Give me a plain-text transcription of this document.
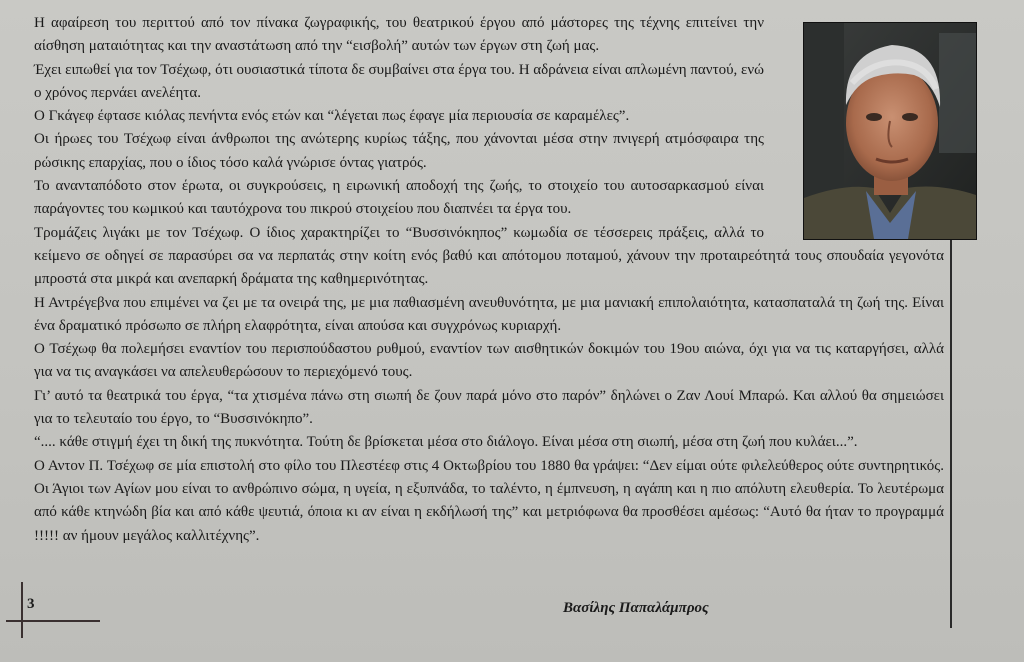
Η αφαίρεση του περιττού από τον πίνακα ζωγραφικής, του θεατρικού έργου από μάστορες της τέχνης επιτείνει την αίσθηση ματαιότητας και την αναστάτωση από την “εισβολή” αυτών των έργων στη ζωή μας.

Έχει ειπωθεί για τον Τσέχωφ, ότι ουσιαστικά τίποτα δε συμβαίνει στα έργα του. Η αδράνεια είναι απλωμένη παντού, ενώ ο χρόνος περνάει ανελέητα.

Ο Γκάγεφ έφτασε κιόλας πενήντα ενός ετών και “λέγεται πως έφαγε μία περιουσία σε καραμέλες”.

Οι ήρωες του Τσέχωφ είναι άνθρωποι της ανώτερης κυρίως τάξης, που χάνονται μέσα στην πνιγερή ατμόσφαιρα της ρώσικης επαρχίας, που ο ίδιος τόσο καλά γνώρισε όντας γιατρός.

Το ανανταπόδοτο στον έρωτα, οι συγκρούσεις, η ειρωνική αποδοχή της ζωής, το στοιχείο του αυτοσαρκασμού είναι παράγοντες του κωμικού και ταυτόχρονα του πικρού στοιχείου που διαπνέει τα έργα του.

Τρομάζεις λιγάκι με τον Τσέχωφ. Ο ίδιος χαρακτηρίζει το “Βυσσινόκηπος” κωμωδία σε τέσσερεις πράξεις, αλλά το κείμενο σε οδηγεί σε παρασύρει σα να περπατάς στην κοίτη ενός βαθύ και απότομου ποταμού, χάνουν την προταιρεότητά τους σπουδαία γεγονότα μπροστά στα μικρά και ανεπαρκή δράματα της καθημερινότητας.

Η Αντρέγεβνα που επιμένει να ζει με τα ονειρά της, με μια παθιασμένη ανευθυνότητα, με μια μανιακή επιπολαιότητα, κατασπαταλά τη ζωή της. Είναι ένα δραματικό πρόσωπο σε πλήρη ελαφρότητα, είναι απούσα και συγχρόνως κυριαρχή.

Ο Τσέχωφ θα πολεμήσει εναντίον του περισπούδαστου ρυθμού, εναντίον των αισθητικών δοκιμών του 19ου αιώνα, όχι για να τις καταργήσει, αλλά για να τις αναγκάσει να απελευθερώσουν το περιεχόμενό τους.

Γι’ αυτό τα θεατρικά του έργα, “τα χτισμένα πάνω στη σιωπή δε ζουν παρά μόνο στο παρόν” δηλώνει ο Ζαν Λουί Μπαρώ. Και αλλού θα σημειώσει για το τελευταίο του έργο, το “Βυσσινόκηπο”.

“.... κάθε στιγμή έχει τη δική της πυκνότητα. Τούτη δε βρίσκεται μέσα στο διάλογο. Είναι μέσα στη σιωπή, μέσα στη ζωή που κυλάει...”.

Ο Αντον Π. Τσέχωφ σε μία επιστολή στο φίλο του Πλεστέεφ στις 4 Οκτωβρίου του 1880 θα γράψει: “Δεν είμαι ούτε φιλελεύθερος ούτε συντηρητικός. Οι Άγιοι των Αγίων μου είναι το ανθρώπινο σώμα, η υγεία, η εξυπνάδα, το ταλέντο, η έμπνευση, η αγάπη και η πιο απόλυτη ελευθερία. Το λευτέρωμα από κάθε κτηνώδη βία και από κάθε ψευτιά, όποια κι αν είναι η εκδήλωσή της” και μετριόφωνα θα προσθέσει αμέσως: “Αυτό θα ήταν το προγραμμά !!!!! αν ήμουν μεγάλος καλλιτέχνης”.

3	Βασίλης Παπαλάμπρος
